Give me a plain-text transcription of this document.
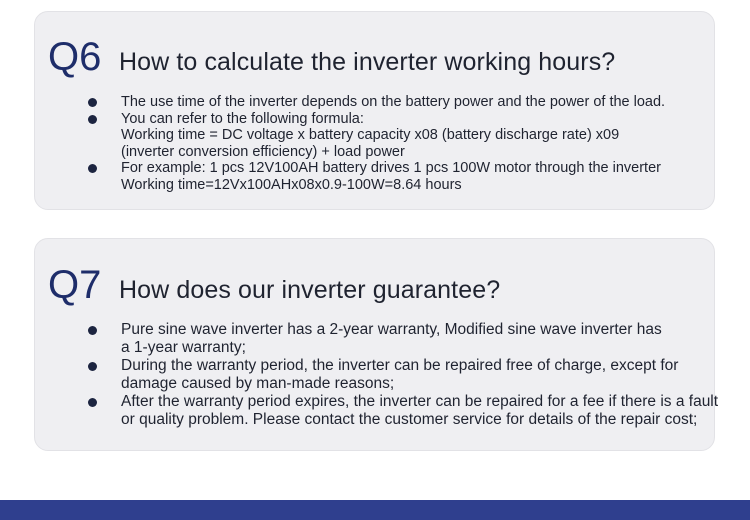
Q6 How to calculate the inverter working hours?
The use time of the inverter depends on the battery power and the power of the load.
You can refer to the following formula:
Working time = DC voltage x battery capacity x08 (battery discharge rate) x09
(inverter conversion efficiency) + load power
For example: 1 pcs 12V100AH battery drives 1 pcs 100W motor through the inverter
Working time=12Vx100AHx08x0.9-100W=8.64 hours
Q7 How does our inverter guarantee?
Pure sine wave inverter has a 2-year warranty, Modified sine wave inverter has
a 1-year warranty;
During the warranty period, the inverter can be repaired free of charge, except for
damage caused by man-made reasons;
After the warranty period expires, the inverter can be repaired for a fee if there is a fault
or quality problem. Please contact the customer service for details of the repair cost;
